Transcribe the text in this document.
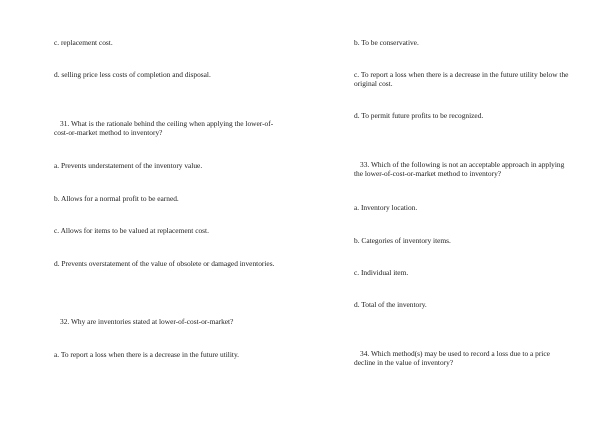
c. replacement cost.
d. selling price less costs of completion and disposal.
31. What is the rationale behind the ceiling when applying the lower-of-cost-or-market method to inventory?
a. Prevents understatement of the inventory value.
b. Allows for a normal profit to be earned.
c. Allows for items to be valued at replacement cost.
d. Prevents overstatement of the value of obsolete or damaged inventories.
32. Why are inventories stated at lower-of-cost-or-market?
a. To report a loss when there is a decrease in the future utility.
b. To be conservative.
c. To report a loss when there is a decrease in the future utility below the original cost.
d. To permit future profits to be recognized.
33. Which of the following is not an acceptable approach in applying the lower-of-cost-or-market method to inventory?
a. Inventory location.
b. Categories of inventory items.
c. Individual item.
d. Total of the inventory.
34. Which method(s) may be used to record a loss due to a price decline in the value of inventory?
